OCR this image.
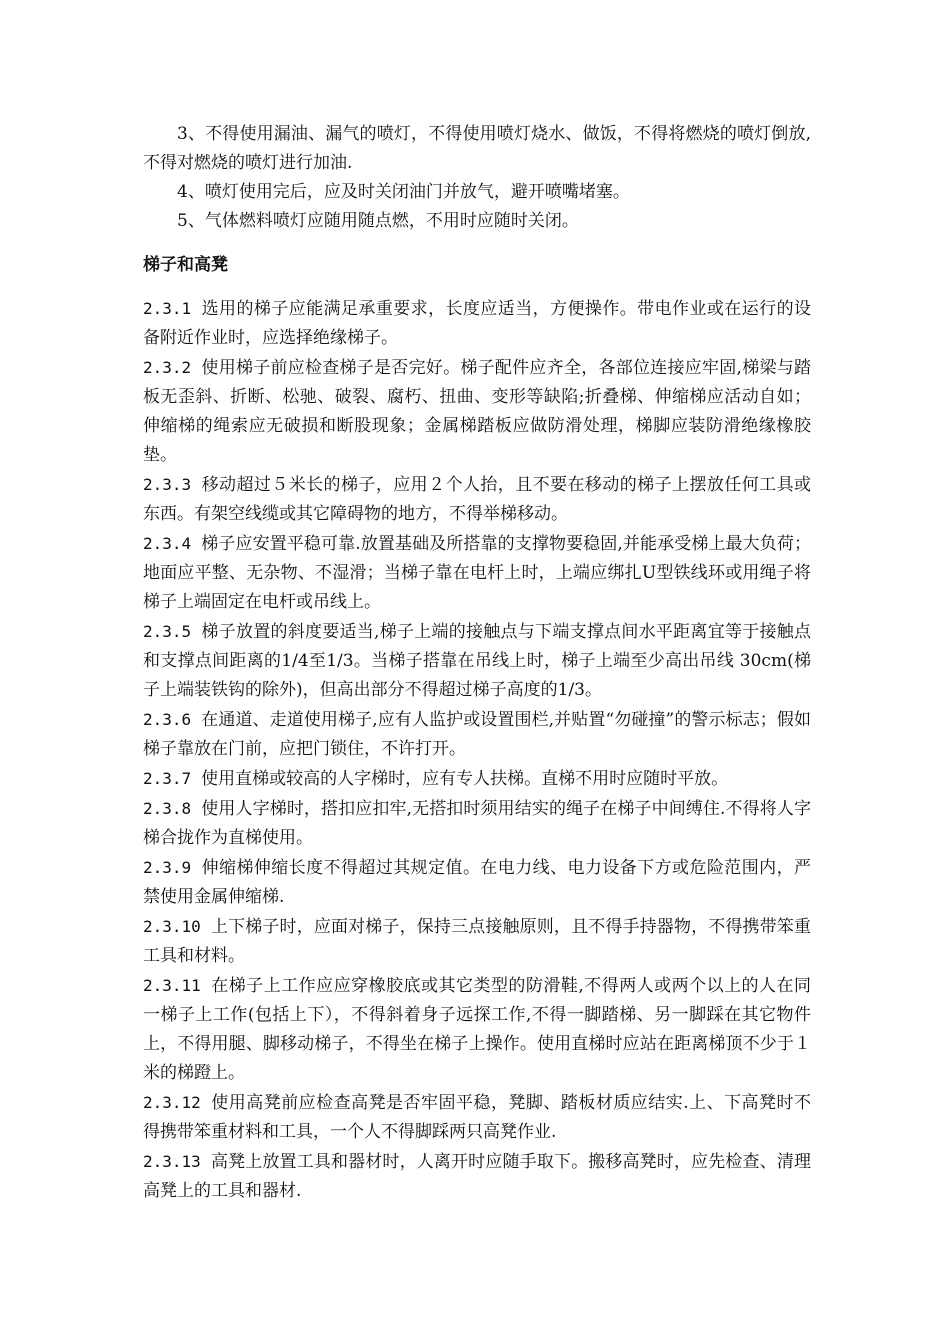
3、不得使用漏油、漏气的喷灯，不得使用喷灯烧水、做饭，不得将燃烧的喷灯倒放,不得对燃烧的喷灯进行加油.

4、喷灯使用完后，应及时关闭油门并放气，避开喷嘴堵塞。

5、气体燃料喷灯应随用随点燃，不用时应随时关闭。

梯子和高凳

2.3.1 选用的梯子应能满足承重要求，长度应适当，方便操作。带电作业或在运行的设备附近作业时，应选择绝缘梯子。

2.3.2 使用梯子前应检查梯子是否完好。梯子配件应齐全，各部位连接应牢固,梯梁与踏板无歪斜、折断、松驰、破裂、腐朽、扭曲、变形等缺陷;折叠梯、伸缩梯应活动自如；伸缩梯的绳索应无破损和断股现象；金属梯踏板应做防滑处理，梯脚应装防滑绝缘橡胶垫。

2.3.3 移动超过５米长的梯子，应用２个人抬，且不要在移动的梯子上摆放任何工具或东西。有架空线缆或其它障碍物的地方，不得举梯移动。

2.3.4 梯子应安置平稳可靠.放置基础及所搭靠的支撑物要稳固,并能承受梯上最大负荷；地面应平整、无杂物、不湿滑；当梯子靠在电杆上时，上端应绑扎U型铁线环或用绳子将梯子上端固定在电杆或吊线上。

2.3.5 梯子放置的斜度要适当,梯子上端的接触点与下端支撑点间水平距离宜等于接触点和支撑点间距离的1/4至1/3。当梯子搭靠在吊线上时，梯子上端至少高出吊线 30cm(梯子上端装铁钩的除外)，但高出部分不得超过梯子高度的1/3。

2.3.6 在通道、走道使用梯子,应有人监护或设置围栏,并贴置“勿碰撞”的警示标志；假如梯子靠放在门前，应把门锁住，不许打开。

2.3.7 使用直梯或较高的人字梯时，应有专人扶梯。直梯不用时应随时平放。

2.3.8 使用人字梯时，搭扣应扣牢,无搭扣时须用结实的绳子在梯子中间缚住.不得将人字梯合拢作为直梯使用。

2.3.9 伸缩梯伸缩长度不得超过其规定值。在电力线、电力设备下方或危险范围内，严禁使用金属伸缩梯.

2.3.10 上下梯子时，应面对梯子，保持三点接触原则，且不得手持器物，不得携带笨重工具和材料。

2.3.11 在梯子上工作应应穿橡胶底或其它类型的防滑鞋,不得两人或两个以上的人在同一梯子上工作(包括上下），不得斜着身子远探工作,不得一脚踏梯、另一脚踩在其它物件上，不得用腿、脚移动梯子，不得坐在梯子上操作。使用直梯时应站在距离梯顶不少于１米的梯蹬上。

2.3.12 使用高凳前应检查高凳是否牢固平稳，凳脚、踏板材质应结实.上、下高凳时不得携带笨重材料和工具，一个人不得脚踩两只高凳作业.

2.3.13 高凳上放置工具和器材时，人离开时应随手取下。搬移高凳时，应先检查、清理高凳上的工具和器材.
